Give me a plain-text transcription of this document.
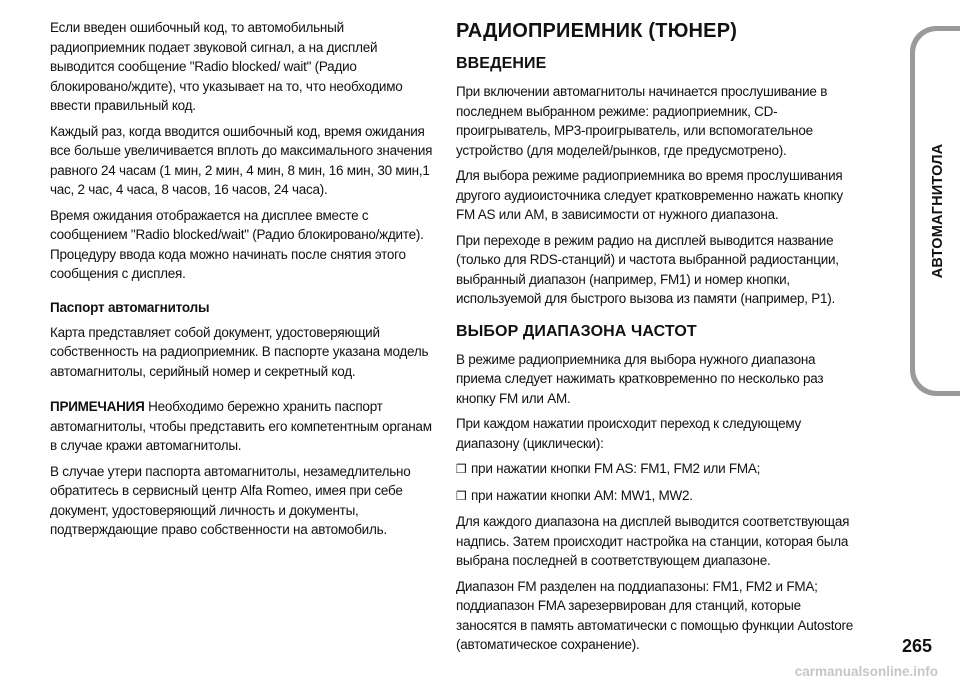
Если введен ошибочный код, то автомобильный радиоприемник подает звуковой сигнал, а на дисплей выводится сообщение "Radio blocked/ wait" (Радио блокировано/ждите), что указывает на то, что необходимо ввести правильный код.

Каждый раз, когда вводится ошибочный код, время ожидания все больше увеличивается вплоть до максимального значения равного 24 часам (1 мин, 2 мин, 4 мин, 8 мин, 16 мин, 30 мин,1 час, 2 час, 4 часа, 8 часов, 16 часов, 24 часа).

Время ожидания отображается на дисплее вместе с сообщением "Radio blocked/wait" (Радио блокировано/ждите). Процедуру ввода кода можно начинать после снятия этого сообщения с дисплея.

Паспорт автомагнитолы

Карта представляет собой документ, удостоверяющий собственность на радиоприемник. В паспорте указана модель автомагнитолы, серийный номер и секретный код.

ПРИМЕЧАНИЯ Необходимо бережно хранить паспорт автомагнитолы, чтобы представить его компетентным органам в случае кражи автомагнитолы.

В случае утери паспорта автомагнитолы, незамедлительно обратитесь в сервисный центр Alfa Romeo, имея при себе документ, удостоверяющий личность и документы, подтверждающие право собственности на автомобиль.

РАДИОПРИЕМНИК (ТЮНЕР)
ВВЕДЕНИЕ

При включении автомагнитолы начинается прослушивание в последнем выбранном режиме: радиоприемник, CD-проигрыватель, MP3-проигрыватель, или вспомогательное устройство (для моделей/рынков, где предусмотрено).

Для выбора режиме радиоприемника во время прослушивания другого аудиоисточника следует кратковременно нажать кнопку FM AS или AM, в зависимости от нужного диапазона.

При переходе в режим радио на дисплей выводится название (только для RDS-станций) и частота выбранной радиостанции, выбранный диапазон (например, FM1) и номер кнопки, используемой для быстрого вызова из памяти (например, P1).

ВЫБОР ДИАПАЗОНА ЧАСТОТ

В режиме радиоприемника для выбора нужного диапазона приема следует нажимать кратковременно по несколько раз кнопку FM или AM.

При каждом нажатии происходит переход к следующему диапазону (циклически):

❒ при нажатии кнопки FM AS: FM1, FM2 или FMA;

❒ при нажатии кнопки AM: MW1, MW2.

Для каждого диапазона на дисплей выводится соответствующая надпись. Затем происходит настройка на станции, которая была выбрана последней в соответствующем диапазоне.

Диапазон FM разделен на поддиапазоны: FM1, FM2 и FMA; поддиапазон FMA зарезервирован для станций, которые заносятся в память автоматически с помощью функции Autostore (автоматическое сохранение).

АВТОМАГНИТОЛА
265
carmanualsonline.info
